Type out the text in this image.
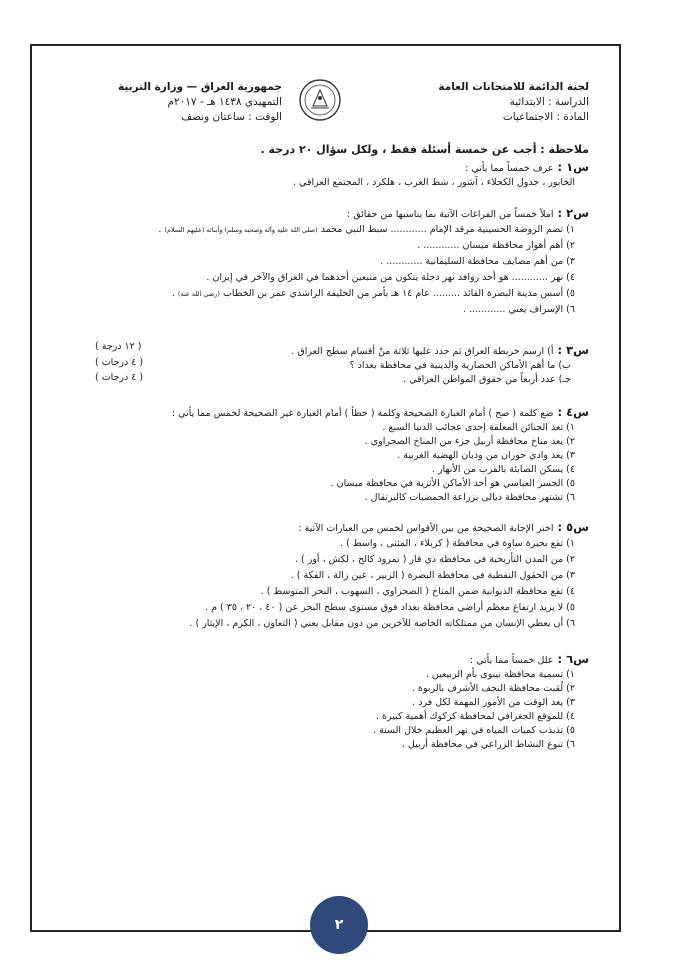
لجنة الدائمة للامتحانات العامة
الدراسة : الابتدائية
المادة : الاجتماعيات
جمهورية العراق — وزارة التربية
التمهيدي ١٤٣٨ هـ - ٢٠١٧م
الوقت : ساعتان ونصف
ملاحظة : أجب عن خمسة أسئلة فقط ، ولكل سؤال ٢٠ درجة .
س١ :عرف خمساً مما يأتي :
الخابور ، جدول الكحلاء ، آشور ، شط العرب ، هلكرد ، المجتمع العراقي .
س٢ :املأ خمساً من الفراغات الآتية بما يناسبها من حقائق :
١) تضم الروضة الحسينية مرقد الإمام ............ سبط النبي محمد (صلى الله عليه وآله وصحبه وسلم) وأبنائه (عليهم السلام) .
٢) أهم أهوار محافظة ميسان ............ .
٣) من أهم مصايف محافظة السليمانية ............ .
٤) نهر ............ هو أحد روافد نهر دجلة يتكون من منبعين أحدهما في العراق والآخر في إيران .
٥) أسس مدينة البصرة القائد ......... عام ١٤ هـ بأمر من الخليفة الراشدي عمر بن الخطاب (رضي الله عنه) .
٦) الإسراف يعني ............ .
س٣ :أ) ارسم خريطة العراق ثم حدد عليها ثلاثة منْ أقسام سطح العراق .
ب) ما أهم الأماكن الحضارية والدينية في محافظة بغداد ؟
جـ) عدد أربعاً من حقوق المواطن العراقي .
( ١٢ درجة )
( ٤ درجات )
( ٤ درجات )
س٤ :ضع كلمة ( صح ) أمام العبارة الصحيحة وكلمة ( خطأ ) أمام العبارة غير الصحيحة لخمس مما يأتي :
١) تعد الجنائن المعلقة إحدى عجائب الدنيا السبع .
٢) يعد مناخ محافظة أربيل جزء من المناخ الصحراوي .
٣) يعد وادي حوران من وديان الهضبة الغربية .
٤) يسكن الصابئة بالقرب من الأنهار .
٥) الجسر العباسي هو أحد الأماكن الأثرية في محافظة ميسان .
٦) تشتهر محافظة ديالى بزراعة الحمضيات كالبرتقال .
س٥ :اختر الإجابة الصحيحة من بين الأقواس لخمس من العبارات الآتية :
١) تقع بحيرة ساوة في محافظة ( كربلاء ، المثنى ، واسط ) .
٢) من المدن التأريخية في محافظة ذي قار ( نمرود كالخ ، لكش ، أور ) .
٣) من الحقول النفطية في محافظة البصرة ( الزبير ، عين زالة ، الفكة ) .
٤) تقع محافظة الديوانية ضمن المناخ ( الصحراوي ، السهوب ، البحر المتوسط ) .
٥) لا يزيد ارتفاع معظم أراضي محافظة بغداد فوق مستوى سطح البحر عن ( ٤٠ ، ٢٠ ، ٣٥ ) م .
٦) أن يعطي الإنسان من ممتلكاته الخاصة للآخرين من دون مقابل يعني ( التعاون ، الكرم ، الإيثار ) .
س٦ :علل خمساً مما يأتي :
١) تسمية محافظة نينوى بأم الربيعين .
٢) لُقبت محافظة النجف الأشرف بالربوة .
٣) يعد الوقت من الأمور المهمة لكل فرد .
٤) للموقع الجغرافي لمحافظة كركوك أهمية كبيرة .
٥) تذبذب كميات المياه في نهر العظيم خلال السنة .
٦) تنوع النشاط الزراعي في محافظة أربيل .
٢
